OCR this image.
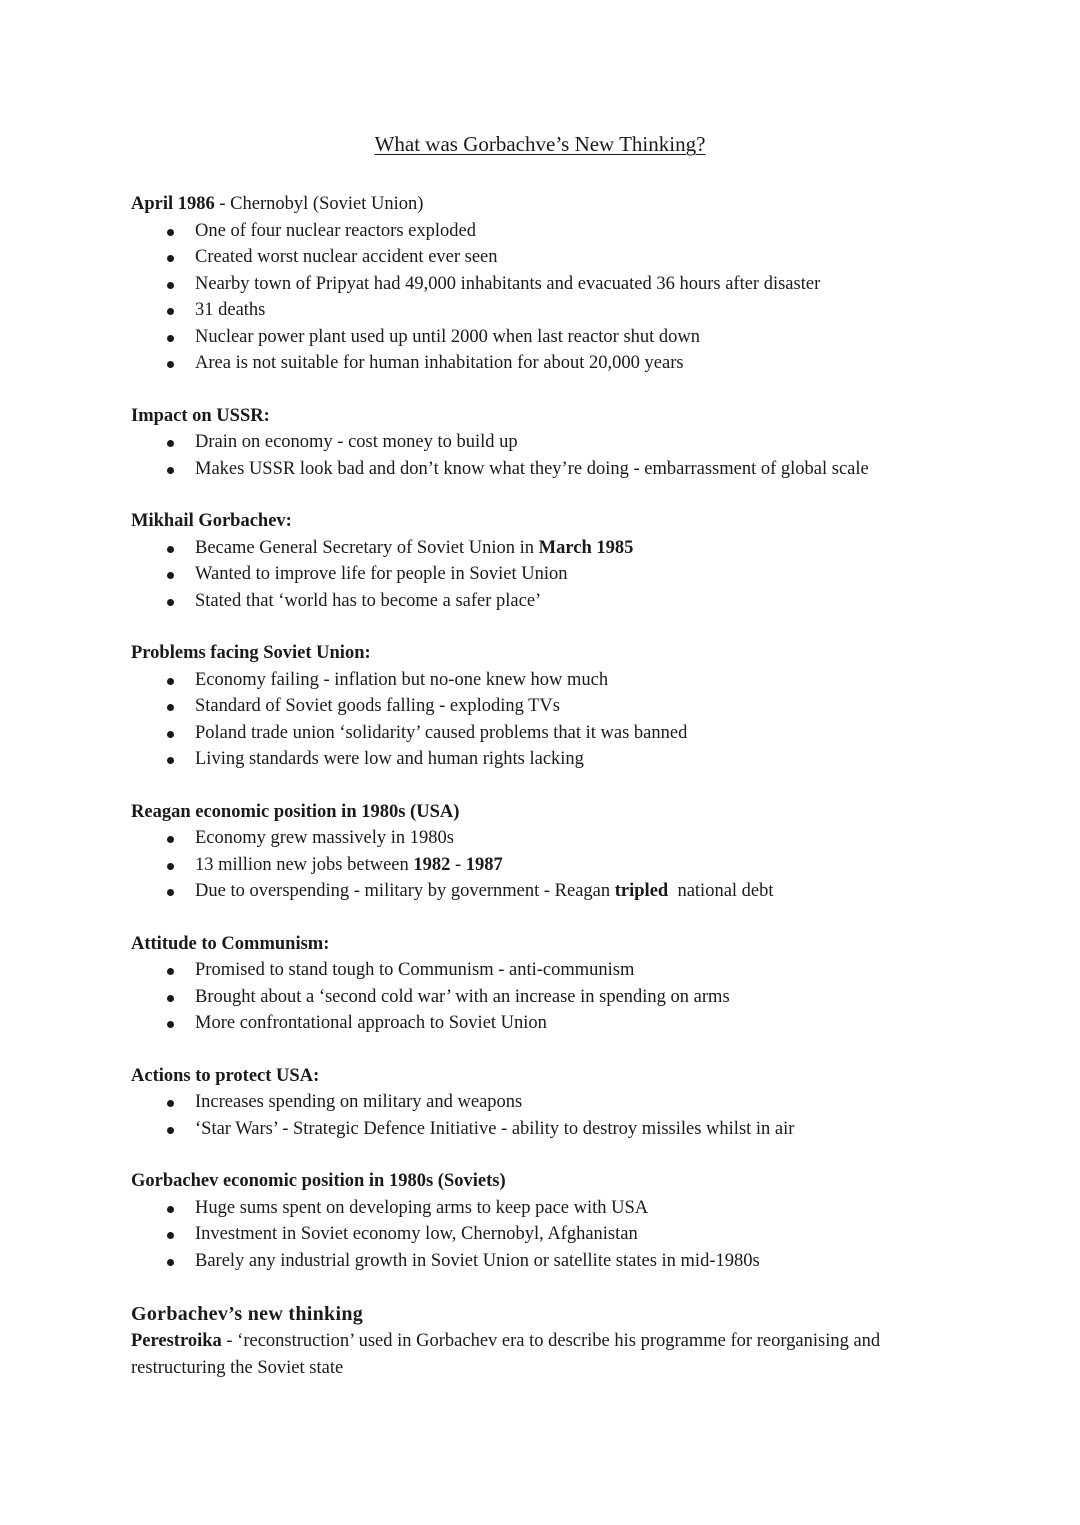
What was Gorbachve’s New Thinking?

April 1986 - Chernobyl (Soviet Union)

One of four nuclear reactors exploded
Created worst nuclear accident ever seen
Nearby town of Pripyat had 49,000 inhabitants and evacuated 36 hours after disaster
31 deaths
Nuclear power plant used up until 2000 when last reactor shut down
Area is not suitable for human inhabitation for about 20,000 years

Impact on USSR:

Drain on economy - cost money to build up
Makes USSR look bad and don’t know what they’re doing - embarrassment of global scale

Mikhail Gorbachev:

Became General Secretary of Soviet Union in March 1985
Wanted to improve life for people in Soviet Union
Stated that ‘world has to become a safer place’

Problems facing Soviet Union:

Economy failing - inflation but no-one knew how much
Standard of Soviet goods falling - exploding TVs
Poland trade union ‘solidarity’ caused problems that it was banned
Living standards were low and human rights lacking

Reagan economic position in 1980s (USA)

Economy grew massively in 1980s
13 million new jobs between 1982 - 1987
Due to overspending - military by government - Reagan tripled  national debt

Attitude to Communism:

Promised to stand tough to Communism - anti-communism
Brought about a ‘second cold war’ with an increase in spending on arms
More confrontational approach to Soviet Union

Actions to protect USA:

Increases spending on military and weapons
‘Star Wars’ - Strategic Defence Initiative - ability to destroy missiles whilst in air

Gorbachev economic position in 1980s (Soviets)

Huge sums spent on developing arms to keep pace with USA
Investment in Soviet economy low, Chernobyl, Afghanistan
Barely any industrial growth in Soviet Union or satellite states in mid-1980s

Gorbachev’s new thinking

Perestroika - ‘reconstruction’ used in Gorbachev era to describe his programme for reorganising and
restructuring the Soviet state
